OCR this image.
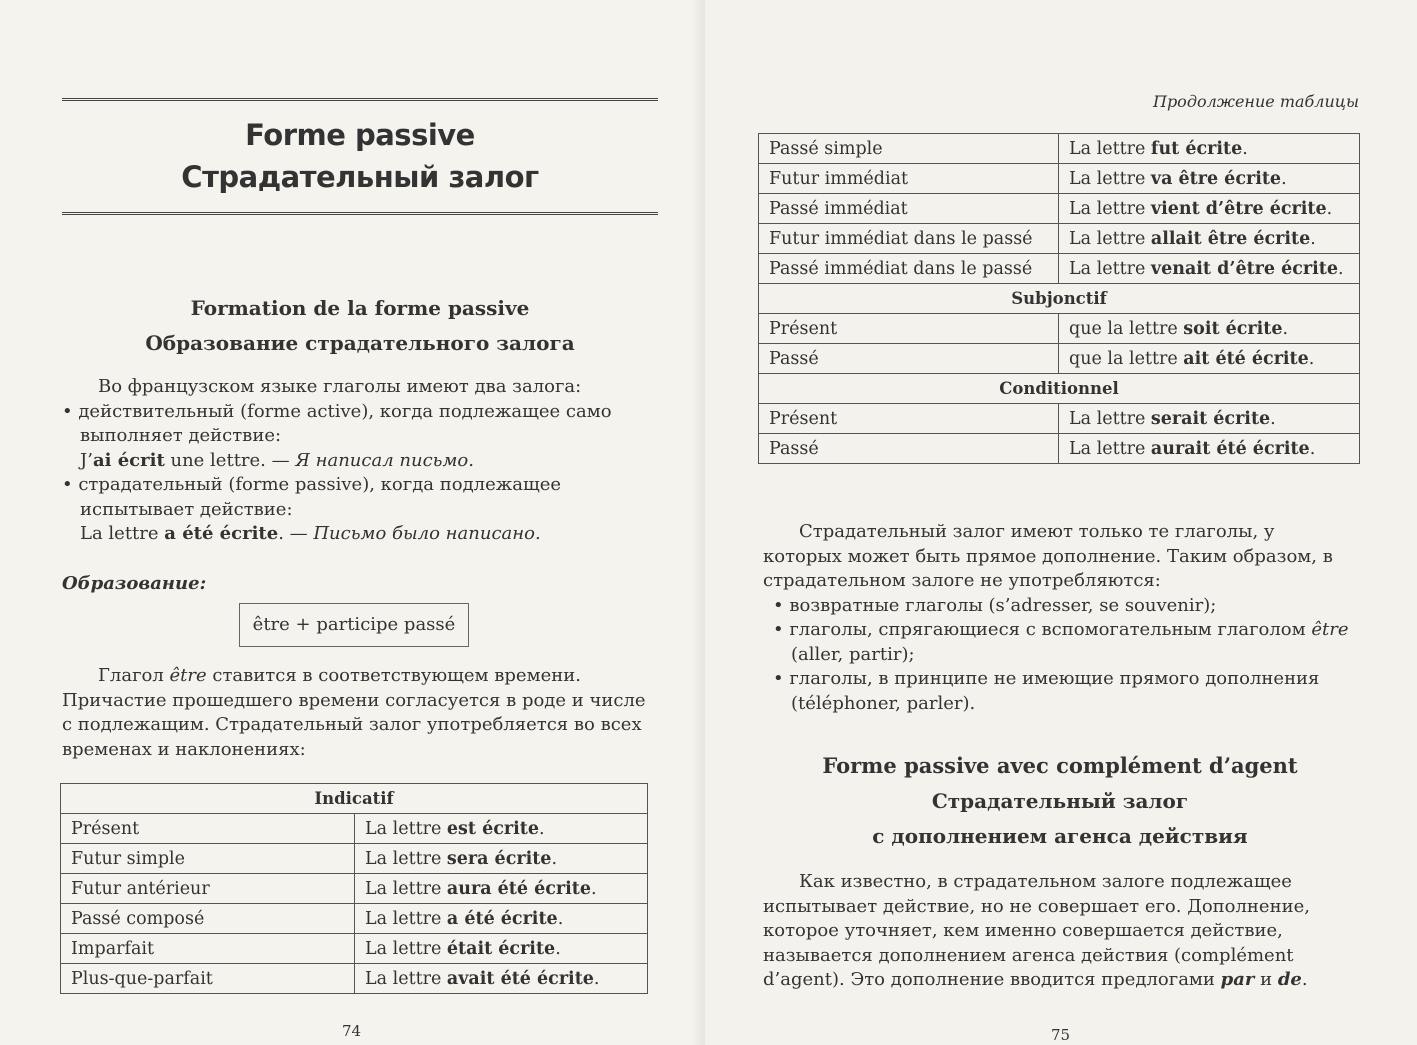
Forme passive
Страдательный залог
Formation de la forme passive
Образование страдательного залога

Во французском языке глаголы имеют два залога:

• действительный (forme active), когда подлежащее само выполняет действие:

J’ai écrit une lettre. — Я написал письмо.

• страдательный (forme passive), когда подлежащее испытывает действие:

La lettre a été écrite. — Письмо было написано.

Образование:
être + participe passé

Глагол être ставится в соответствующем времени. Причастие прошедшего времени согласуется в роде и числе с подлежащим. Страдательный залог употребляется во всех временах и наклонениях:

Indicatif	
Présent	La lettre est écrite.
Futur simple	La lettre sera écrite.
Futur antérieur	La lettre aura été écrite.
Passé composé	La lettre a été écrite.
Imparfait	La lettre était écrite.
Plus-que-parfait	La lettre avait été écrite.
74
Продолжение таблицы
Passé simple	La lettre fut écrite.
Futur immédiat	La lettre va être écrite.
Passé immédiat	La lettre vient d’être écrite.
Futur immédiat dans le passé	La lettre allait être écrite.
Passé immédiat dans le passé	La lettre venait d’être écrite.
Subjonctif	
Présent	que la lettre soit écrite.
Passé	que la lettre ait été écrite.
Conditionnel	
Présent	La lettre serait écrite.
Passé	La lettre aurait été écrite.

Страдательный залог имеют только те глаголы, у которых может быть прямое дополнение. Таким образом, в страдательном залоге не употребляются:

• возвратные глаголы (s’adresser, se souvenir);

• глаголы, спрягающиеся с вспомогательным глаголом être (aller, partir);

• глаголы, в принципе не имеющие прямого дополнения (téléphoner, parler).

Forme passive avec complément d’agent
Страдательный залог
с дополнением агенса действия

Как известно, в страдательном залоге подлежащее испытывает действие, но не совершает его. Дополнение, которое уточняет, кем именно совершается действие, называется дополнением агенса действия (complément d’agent). Это дополнение вводится предлогами par и de.

75
